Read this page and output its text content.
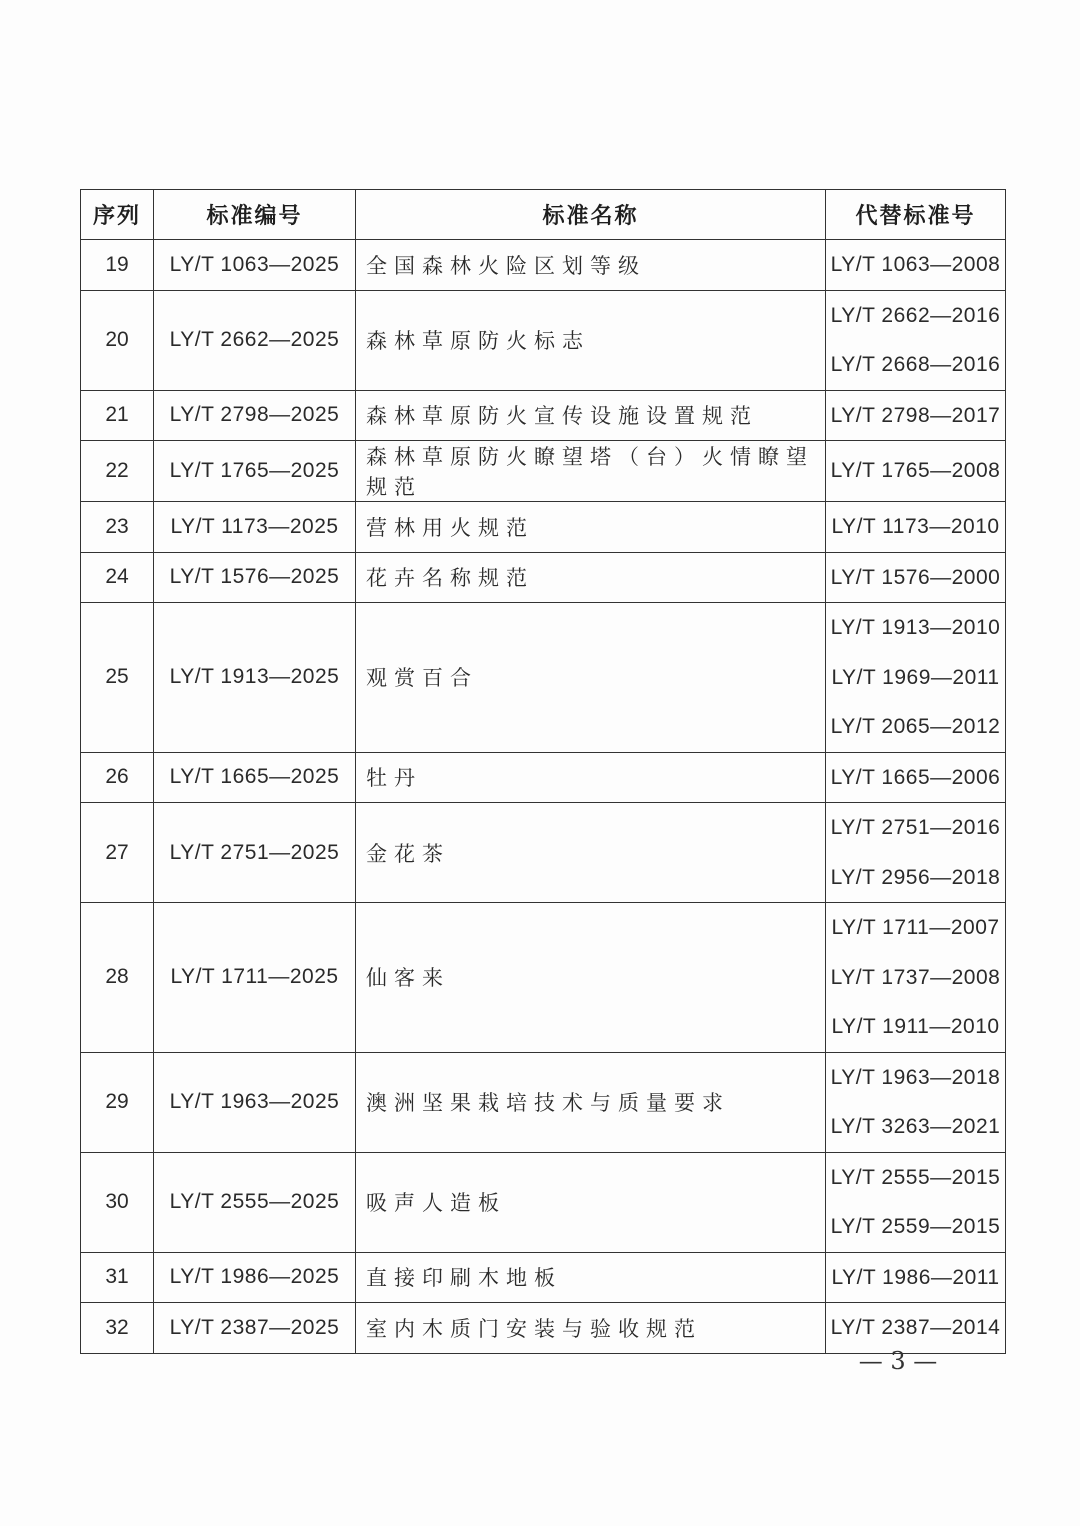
序列	标准编号	标准名称	代替标准号
19	LY/T 1063—2025	全国森林火险区划等级	LY/T 1063—2008

20	LY/T 2662—2025	森林草原防火标志	LY/T 2662—2016
LY/T 2668—2016

21	LY/T 2798—2025	森林草原防火宣传设施设置规范	LY/T 2798—2017

22	LY/T 1765—2025	森林草原防火瞭望塔（台）火情瞭望规范	LY/T 1765—2008

23	LY/T 1173—2025	营林用火规范	LY/T 1173—2010

24	LY/T 1576—2025	花卉名称规范	LY/T 1576—2000

25	LY/T 1913—2025	观赏百合	LY/T 1913—2010
LY/T 1969—2011
LY/T 2065—2012

26	LY/T 1665—2025	牡丹	LY/T 1665—2006

27	LY/T 2751—2025	金花茶	LY/T 2751—2016
LY/T 2956—2018

28	LY/T 1711—2025	仙客来	LY/T 1711—2007
LY/T 1737—2008
LY/T 1911—2010

29	LY/T 1963—2025	澳洲坚果栽培技术与质量要求	LY/T 1963—2018
LY/T 3263—2021

30	LY/T 2555—2025	吸声人造板	LY/T 2555—2015
LY/T 2559—2015

31	LY/T 1986—2025	直接印刷木地板	LY/T 1986—2011

32	LY/T 2387—2025	室内木质门安装与验收规范	LY/T 2387—2014
— 3 —
